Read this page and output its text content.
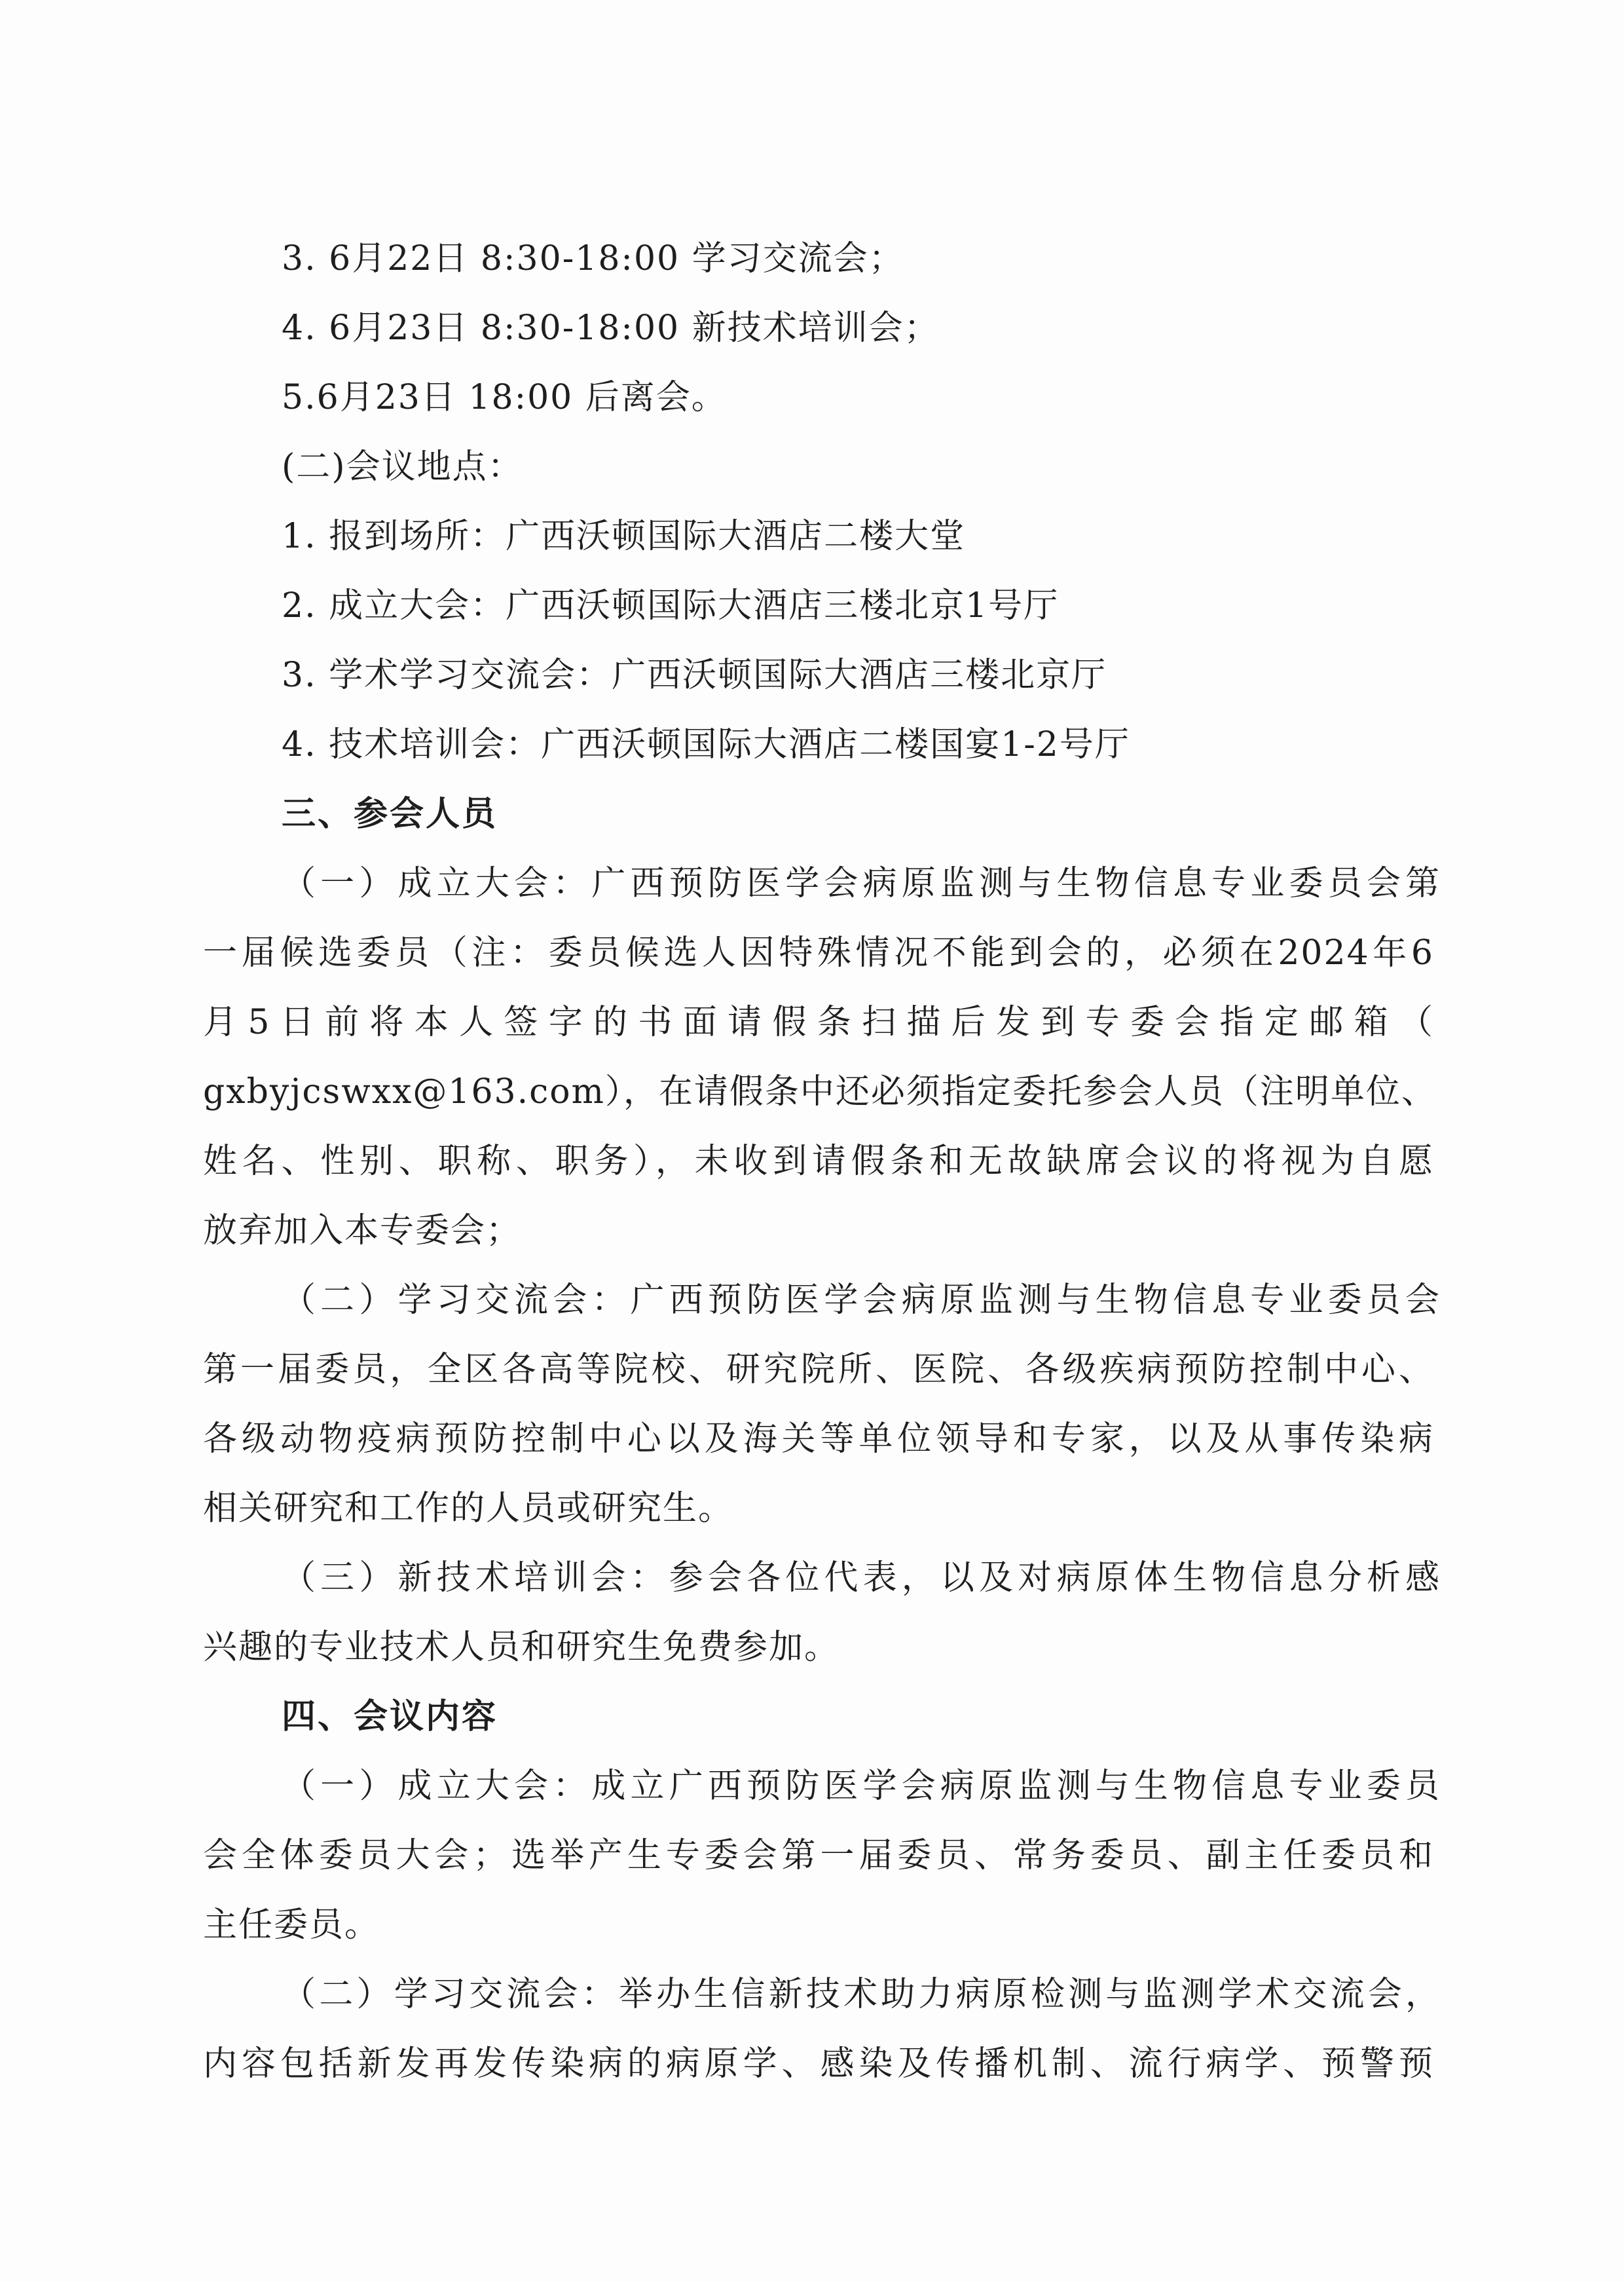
3. 6月22日 8:30-18:00 学习交流会；
4. 6月23日 8:30-18:00 新技术培训会；
5.6月23日 18:00 后离会。
(二)会议地点：
1. 报到场所：广西沃顿国际大酒店二楼大堂
2. 成立大会：广西沃顿国际大酒店三楼北京1号厅
3. 学术学习交流会：广西沃顿国际大酒店三楼北京厅
4. 技术培训会：广西沃顿国际大酒店二楼国宴1-2号厅
三、参会人员
（一）成立大会：广西预防医学会病原监测与生物信息专业委员会第
一届候选委员（注：委员候选人因特殊情况不能到会的，必须在2024年6
月5日前将本人签字的书面请假条扫描后发到专委会指定邮箱（
gxbyjcswxx@163.com），在请假条中还必须指定委托参会人员（注明单位、
姓名、性别、职称、职务），未收到请假条和无故缺席会议的将视为自愿
放弃加入本专委会；
（二）学习交流会：广西预防医学会病原监测与生物信息专业委员会
第一届委员，全区各高等院校、研究院所、医院、各级疾病预防控制中心、
各级动物疫病预防控制中心以及海关等单位领导和专家，以及从事传染病
相关研究和工作的人员或研究生。
（三）新技术培训会：参会各位代表，以及对病原体生物信息分析感
兴趣的专业技术人员和研究生免费参加。
四、会议内容
（一）成立大会：成立广西预防医学会病原监测与生物信息专业委员
会全体委员大会；选举产生专委会第一届委员、常务委员、副主任委员和
主任委员。
（二）学习交流会：举办生信新技术助力病原检测与监测学术交流会，
内容包括新发再发传染病的病原学、感染及传播机制、流行病学、预警预
